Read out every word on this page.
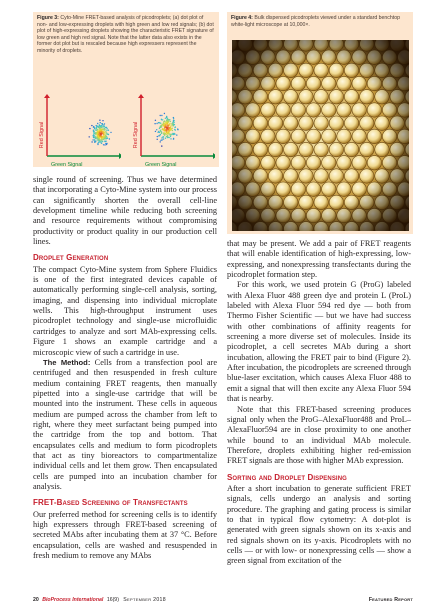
Figure 3: Cyto-Mine FRET-based analysis of picodroplets; (a) dot plot of non- and low-expressing droplets with high green and low red signals; (b) dot plot of high-expressing droplets showing the characteristic FRET signature of low green and high red signal. Note that the latter data also exists in the former dot plot but is rescaled because high expressers represent the minority of droplets.

Green Signal
Red Signal
Green Signal
Red Signal

Figure 4: Bulk dispensed picodroplets viewed under a standard benchtop white-light microscope at 10,000×.

single round of screening. Thus we have determined that incorporating a Cyto-Mine system into our process can significantly shorten the overall cell-line development timeline while reducing both screening and resource requirements without compromising productivity or product quality in our production cell lines.

Droplet Generation

The compact Cyto-Mine system from Sphere Fluidics is one of the first integrated devices capable of automatically performing single-cell analysis, sorting, imaging, and dispensing into individual microplate wells. This high-throughput instrument uses picodroplet technology and single-use microfluidic cartridges to analyze and sort MAb-expressing cells. Figure 1 shows an example cartridge and a microscopic view of such a cartridge in use.

The Method: Cells from a transfection pool are centrifuged and then resuspended in fresh culture medium containing FRET reagents, then manually pipetted into a single-use cartridge that will be mounted into the instrument. These cells in aqueous medium are pumped across the chamber from left to right, where they meet surfactant being pumped into the cartridge from the top and bottom. That encapsulates cells and medium to form picodroplets that act as tiny bioreactors to compartmentalize individual cells and let them grow. Then encapsulated cells are pumped into an incubation chamber for analysis.

FRET-Based Screening of Transfectants

Our preferred method for screening cells is to identify high expressers through FRET-based screening of secreted MAbs after incubating them at 37 °C. Before encapsulation, cells are washed and resuspended in fresh medium to remove any MAbs

that may be present. We add a pair of FRET reagents that will enable identification of high-expressing, low-expressing, and nonexpressing transfectants during the picodroplet formation step.

For this work, we used protein G (ProG) labeled with Alexa Fluor 488 green dye and protein L (ProL) labeled with Alexa Fluor 594 red dye — both from Thermo Fisher Scientific — but we have had success with other combinations of affinity reagents for screening a more diverse set of molecules. Inside its picodroplet, a cell secretes MAb during a short incubation, allowing the FRET pair to bind (Figure 2). After incubation, the picodroplets are screened through blue-laser excitation, which causes Alexa Fluor 488 to emit a signal that will then excite any Alexa Fluor 594 that is nearby.

Note that this FRET-based screening produces signal only when the ProG–AlexaFluor488 and ProL–AlexaFluor594 are in close proximity to one another while bound to an individual MAb molecule. Therefore, droplets exhibiting higher red-emission FRET signals are those with higher MAb expression.

Sorting and Droplet Dispensing

After a short incubation to generate sufficient FRET signals, cells undergo an analysis and sorting procedure. The graphing and gating process is similar to that in typical flow cytometry: A dot-plot is generated with green signals shown on its x-axis and red signals shown on its y-axis. Picodroplets with no cells — or with low- or nonexpressing cells — show a green signal from excitation of the

20 BioProcess International 16(9) September 2018	Featured Report
